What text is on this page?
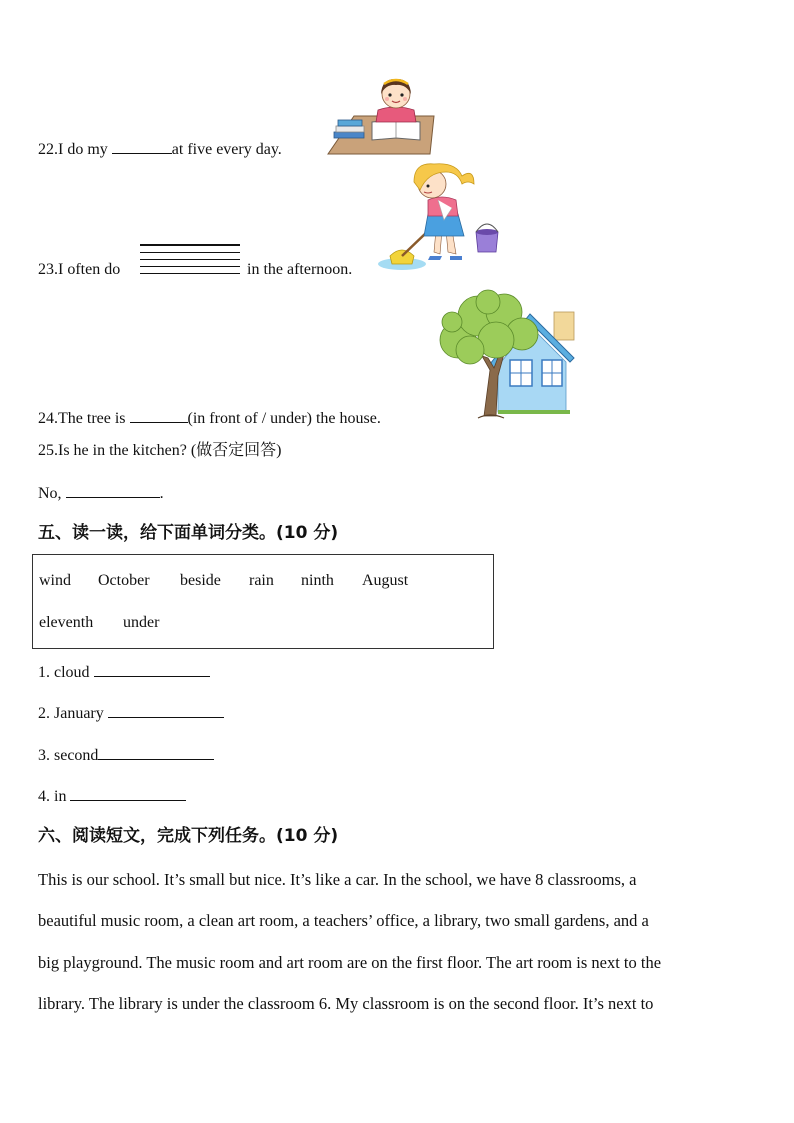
22.I do my	at five every day.
23.I often do	in the afternoon.
24.The tree is	(in front of / under) the house.
25.Is he in the kitchen? (做否定回答)
No,	.
五、读一读，给下面单词分类。(10 分)
wind October beside rain ninth August
eleventh under
1. cloud
2. January
3. second
4. in
六、阅读短文，完成下列任务。(10 分)
This is our school. It’s small but nice. It’s like a car. In the school, we have 8 classrooms, a
beautiful music room, a clean art room, a teachers’ office, a library, two small gardens, and a
big playground. The music room and art room are on the first floor. The art room is next to the
library. The library is under the classroom 6. My classroom is on the second floor. It’s next to
